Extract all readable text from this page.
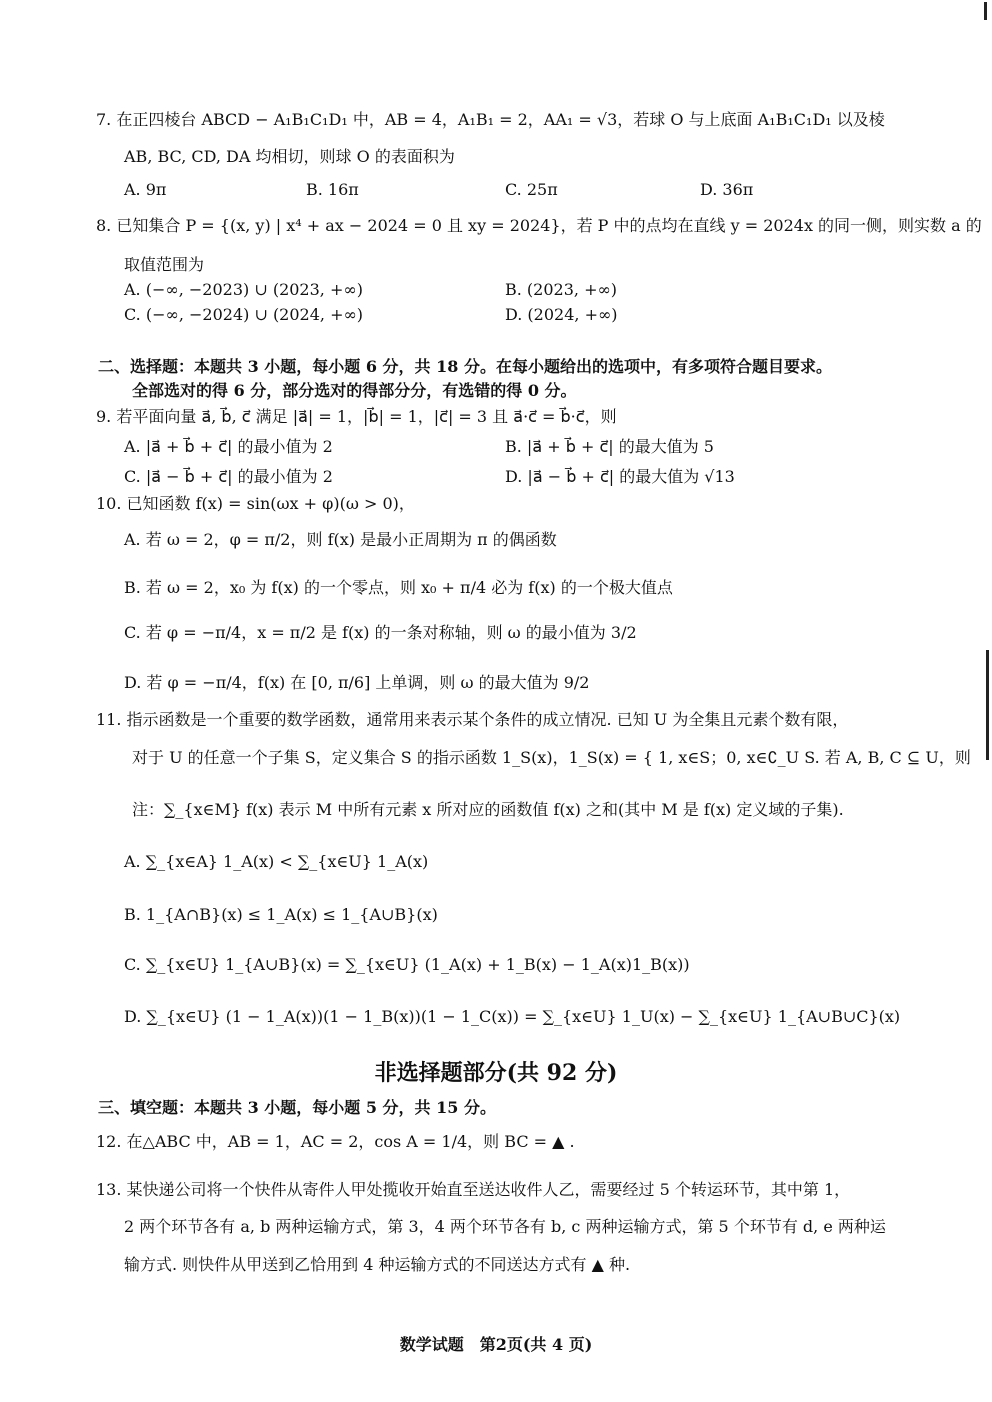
7. 在正四棱台 ABCD − A₁B₁C₁D₁ 中，AB = 4，A₁B₁ = 2，AA₁ = √3，若球 O 与上底面 A₁B₁C₁D₁ 以及棱
AB, BC, CD, DA 均相切，则球 O 的表面积为
A. 9π	B. 16π	C. 25π	D. 36π
8. 已知集合 P = {(x, y) | x⁴ + ax − 2024 = 0 且 xy = 2024}，若 P 中的点均在直线 y = 2024x 的同一侧，则实数 a 的
取值范围为
A. (−∞, −2023) ∪ (2023, +∞)	B. (2023, +∞)
C. (−∞, −2024) ∪ (2024, +∞)	D. (2024, +∞)
二、选择题：本题共 3 小题，每小题 6 分，共 18 分。在每小题给出的选项中，有多项符合题目要求。
全部选对的得 6 分，部分选对的得部分分，有选错的得 0 分。
9. 若平面向量 a⃗, b⃗, c⃗ 满足 |a⃗| = 1，|b⃗| = 1，|c⃗| = 3 且 a⃗·c⃗ = b⃗·c⃗，则
A. |a⃗ + b⃗ + c⃗| 的最小值为 2	B. |a⃗ + b⃗ + c⃗| 的最大值为 5
C. |a⃗ − b⃗ + c⃗| 的最小值为 2	D. |a⃗ − b⃗ + c⃗| 的最大值为 √13
10. 已知函数 f(x) = sin(ωx + φ)(ω > 0)，
A. 若 ω = 2，φ = π/2，则 f(x) 是最小正周期为 π 的偶函数
B. 若 ω = 2，x₀ 为 f(x) 的一个零点，则 x₀ + π/4 必为 f(x) 的一个极大值点
C. 若 φ = −π/4，x = π/2 是 f(x) 的一条对称轴，则 ω 的最小值为 3/2
D. 若 φ = −π/4，f(x) 在 [0, π/6] 上单调，则 ω 的最大值为 9/2
11. 指示函数是一个重要的数学函数，通常用来表示某个条件的成立情况. 已知 U 为全集且元素个数有限，
对于 U 的任意一个子集 S，定义集合 S 的指示函数 1_S(x)，1_S(x) = { 1, x∈S；0, x∈∁_U S. 若 A, B, C ⊆ U，则
注：∑_{x∈M} f(x) 表示 M 中所有元素 x 所对应的函数值 f(x) 之和(其中 M 是 f(x) 定义域的子集).
A. ∑_{x∈A} 1_A(x) < ∑_{x∈U} 1_A(x)
B. 1_{A∩B}(x) ≤ 1_A(x) ≤ 1_{A∪B}(x)
C. ∑_{x∈U} 1_{A∪B}(x) = ∑_{x∈U} (1_A(x) + 1_B(x) − 1_A(x)1_B(x))
D. ∑_{x∈U} (1 − 1_A(x))(1 − 1_B(x))(1 − 1_C(x)) = ∑_{x∈U} 1_U(x) − ∑_{x∈U} 1_{A∪B∪C}(x)
非选择题部分(共 92 分)
三、填空题：本题共 3 小题，每小题 5 分，共 15 分。
12. 在△ABC 中，AB = 1，AC = 2，cos A = 1/4，则 BC = ▲ .
13. 某快递公司将一个快件从寄件人甲处揽收开始直至送达收件人乙，需要经过 5 个转运环节，其中第 1，
2 两个环节各有 a, b 两种运输方式，第 3，4 两个环节各有 b, c 两种运输方式，第 5 个环节有 d, e 两种运
输方式. 则快件从甲送到乙恰用到 4 种运输方式的不同送达方式有 ▲ 种.
数学试题　第2页(共 4 页)
